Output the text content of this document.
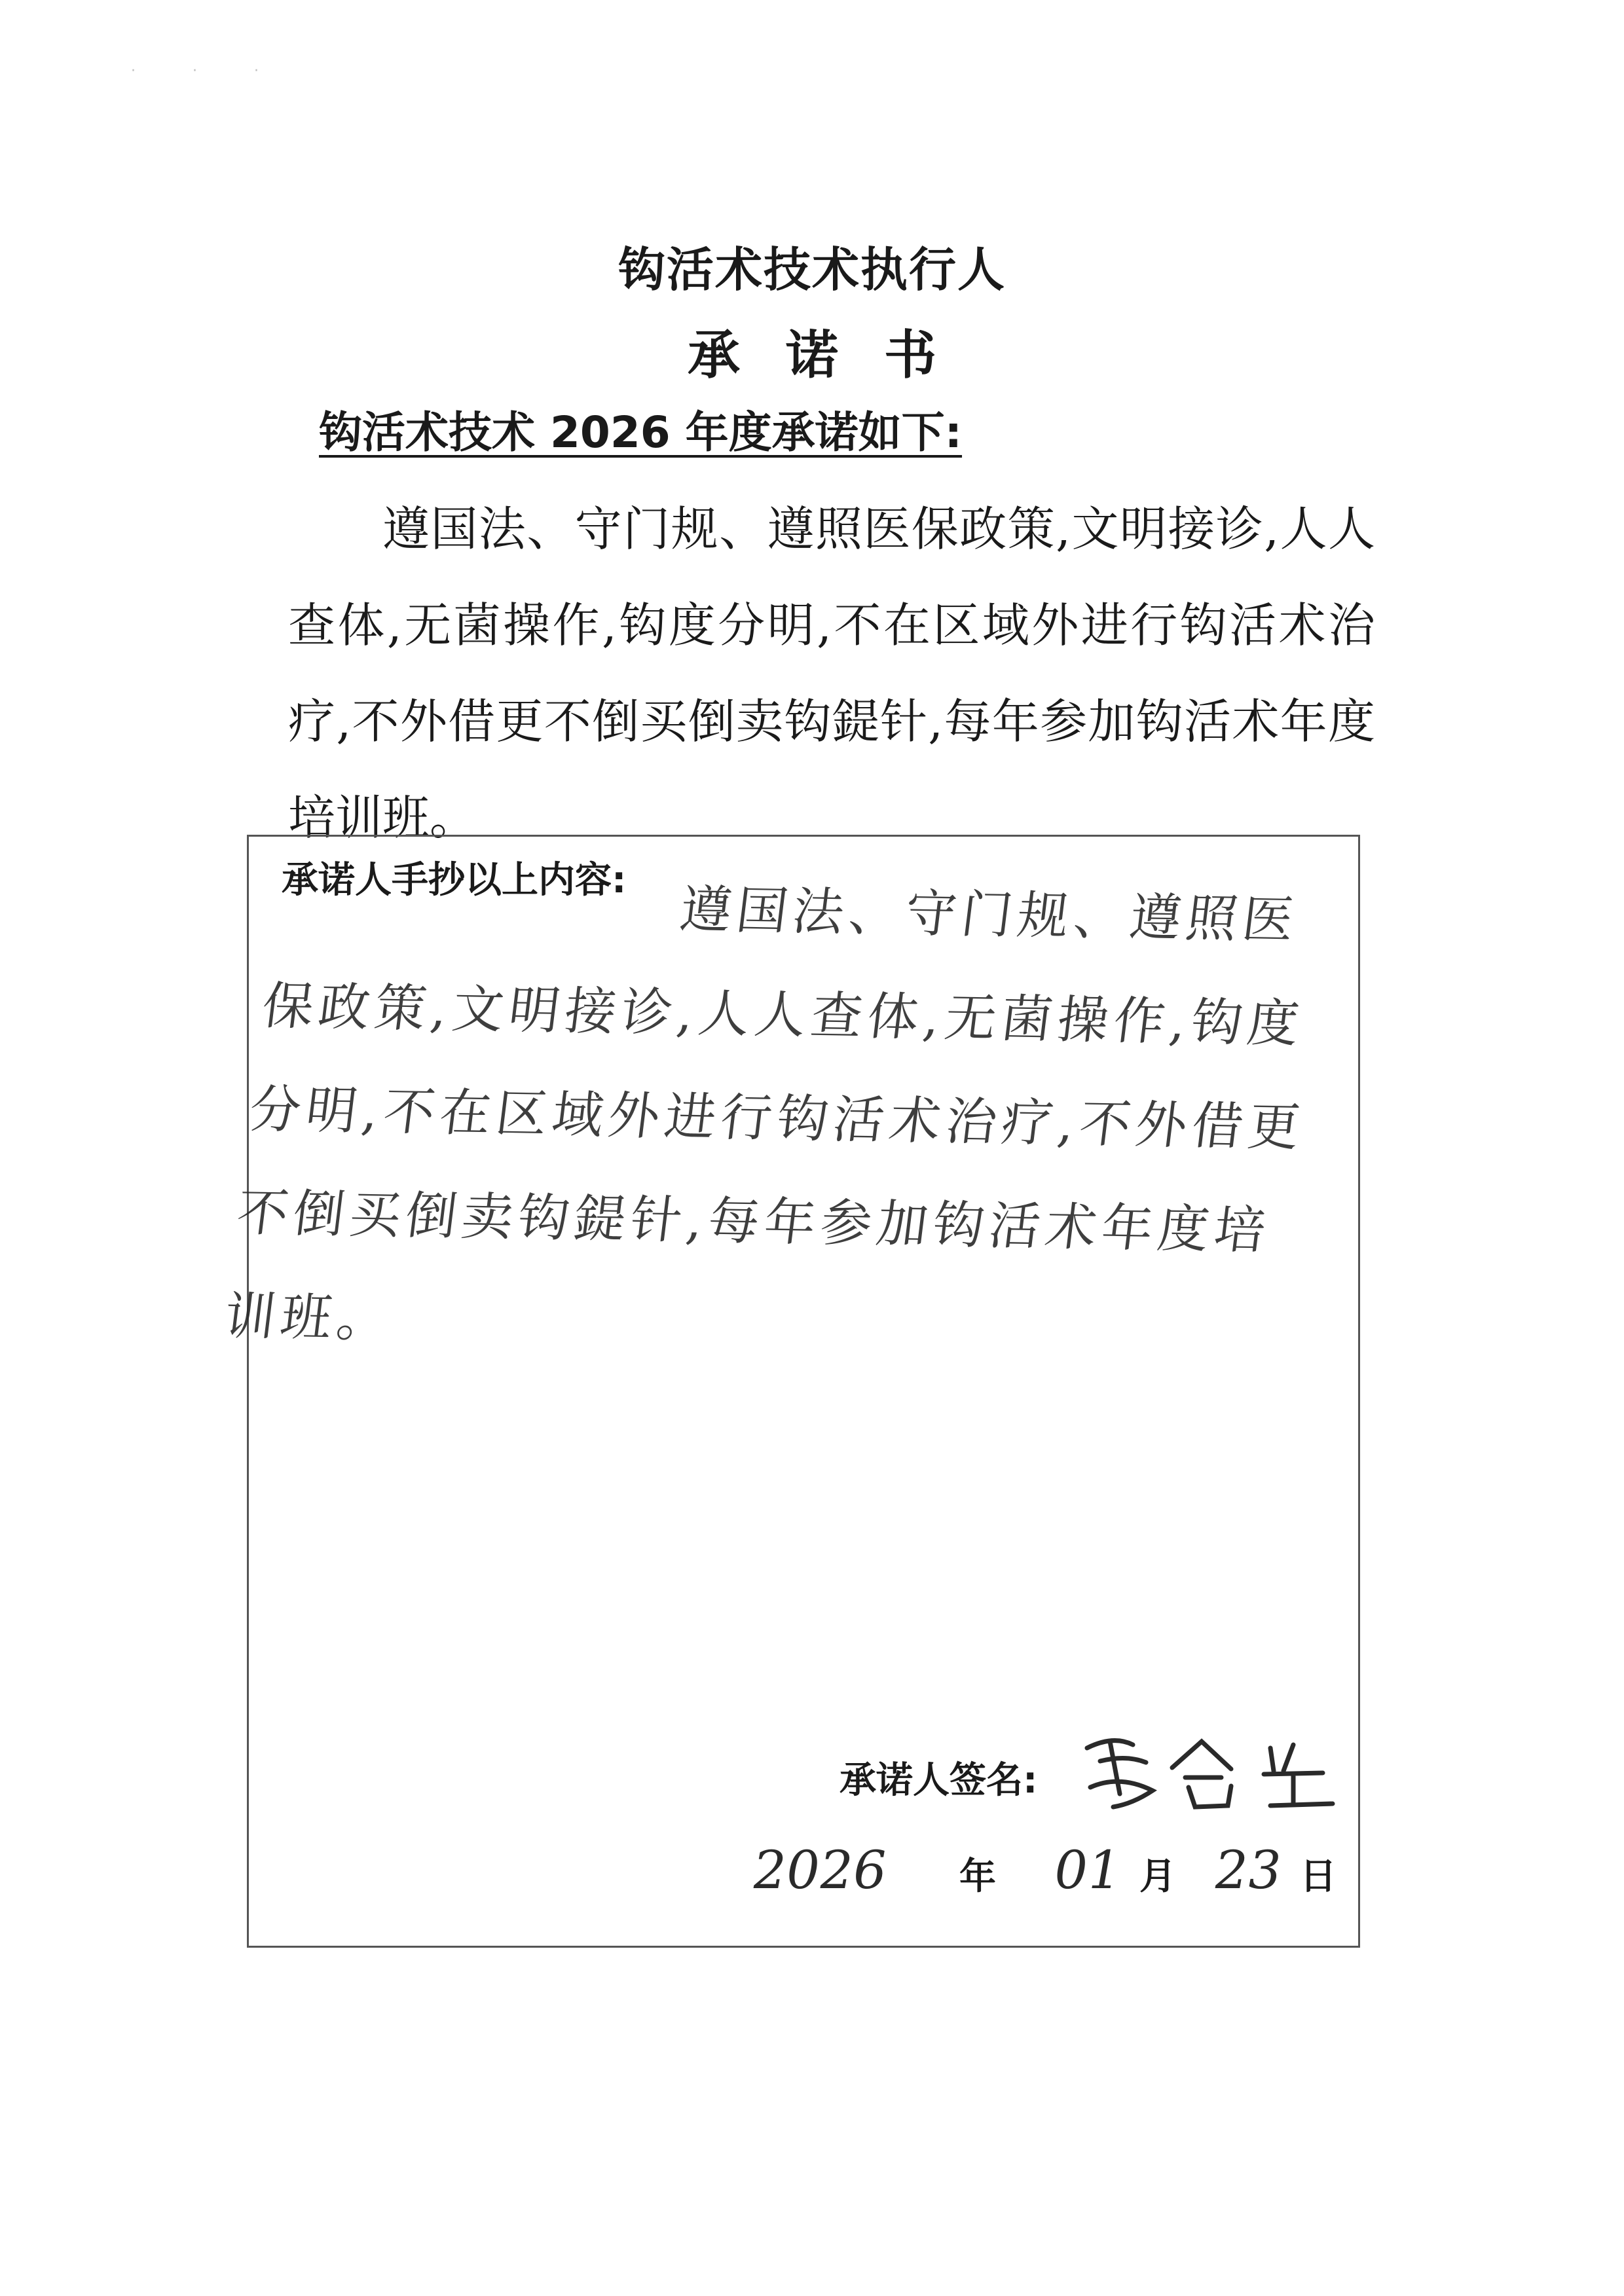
· · ·
钩活术技术执行人
承诺书
钩活术技术 2026 年度承诺如下:
遵国法、守门规、遵照医保政策,文明接诊,人人查体,无菌操作,钩度分明,不在区域外进行钩活术治疗,不外借更不倒买倒卖钩鍉针,每年参加钩活术年度培训班。
遵国法、守门规、遵照医保政策,文明接诊,人人查体,无菌操作,钩度分明,不在区域外进行钩活术治疗,不外借更不倒买倒卖钩鍉针,每年参加钩活术年度培训班。
承诺人手抄以上内容:
承诺人签名:
2026 年 01 月 23 日
